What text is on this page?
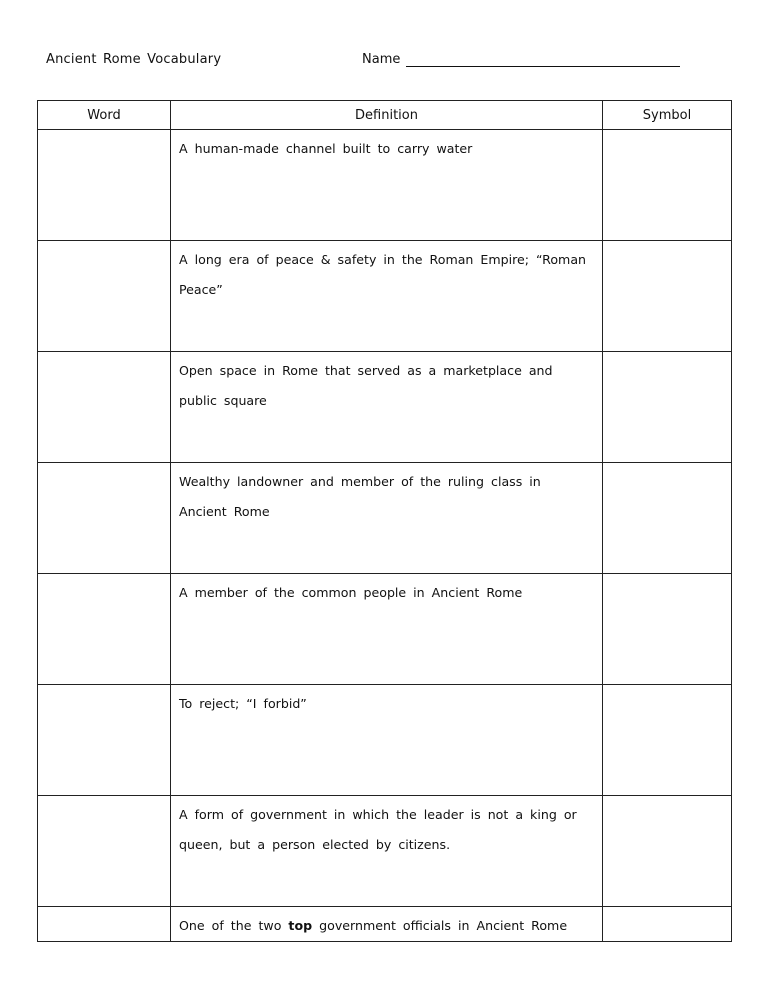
Ancient Rome Vocabulary	Name
Word	Definition	Symbol

	A human-made channel built to carry water	

	A long era of peace & safety in the Roman Empire; “Roman Peace”	

	Open space in Rome that served as a marketplace and public square	

	Wealthy landowner and member of the ruling class in Ancient Rome	

	A member of the common people in Ancient Rome	

	To reject; “I forbid”	

	A form of government in which the leader is not a king or queen, but a person elected by citizens.	

	One of the two top government officials in Ancient Rome	
